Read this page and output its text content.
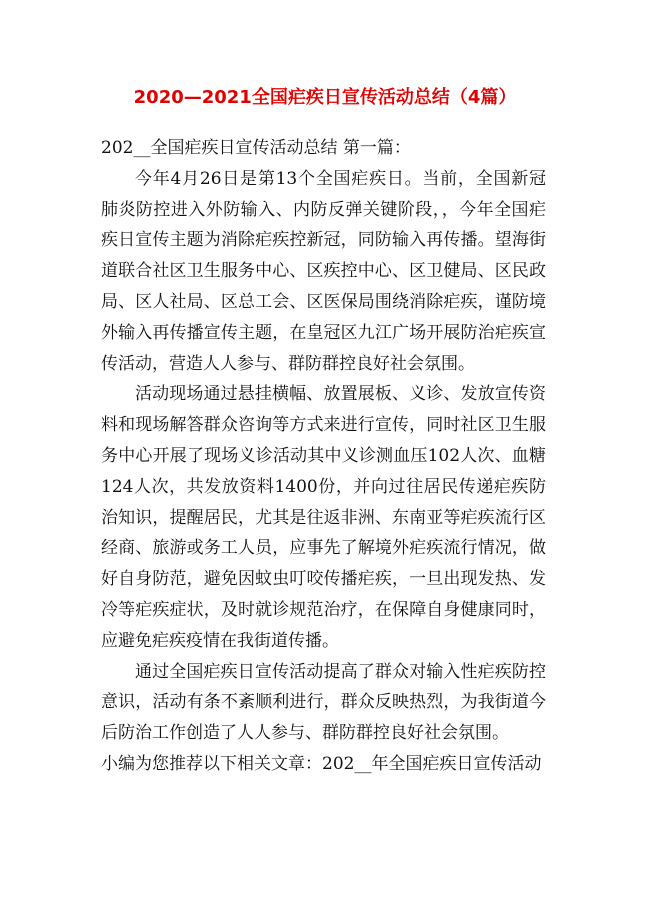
2020—2021全国疟疾日宣传活动总结（4篇）

202__全国疟疾日宣传活动总结 第一篇：

今年4月26日是第13个全国疟疾日。当前，全国新冠肺炎防控进入外防输入、内防反弹关键阶段，，今年全国疟疾日宣传主题为消除疟疾控新冠，同防输入再传播。望海街道联合社区卫生服务中心、区疾控中心、区卫健局、区民政局、区人社局、区总工会、区医保局围绕消除疟疾，谨防境外输入再传播宣传主题，在皇冠区九江广场开展防治疟疾宣传活动，营造人人参与、群防群控良好社会氛围。

活动现场通过悬挂横幅、放置展板、义诊、发放宣传资料和现场解答群众咨询等方式来进行宣传，同时社区卫生服务中心开展了现场义诊活动其中义诊测血压102人次、血糖124人次，共发放资料1400份，并向过往居民传递疟疾防治知识，提醒居民，尤其是往返非洲、东南亚等疟疾流行区经商、旅游或务工人员，应事先了解境外疟疾流行情况，做好自身防范，避免因蚊虫叮咬传播疟疾，一旦出现发热、发冷等疟疾症状，及时就诊规范治疗，在保障自身健康同时，应避免疟疾疫情在我街道传播。

通过全国疟疾日宣传活动提高了群众对输入性疟疾防控意识，活动有条不紊顺利进行，群众反映热烈，为我街道今后防治工作创造了人人参与、群防群控良好社会氛围。

小编为您推荐以下相关文章：202__年全国疟疾日宣传活动
